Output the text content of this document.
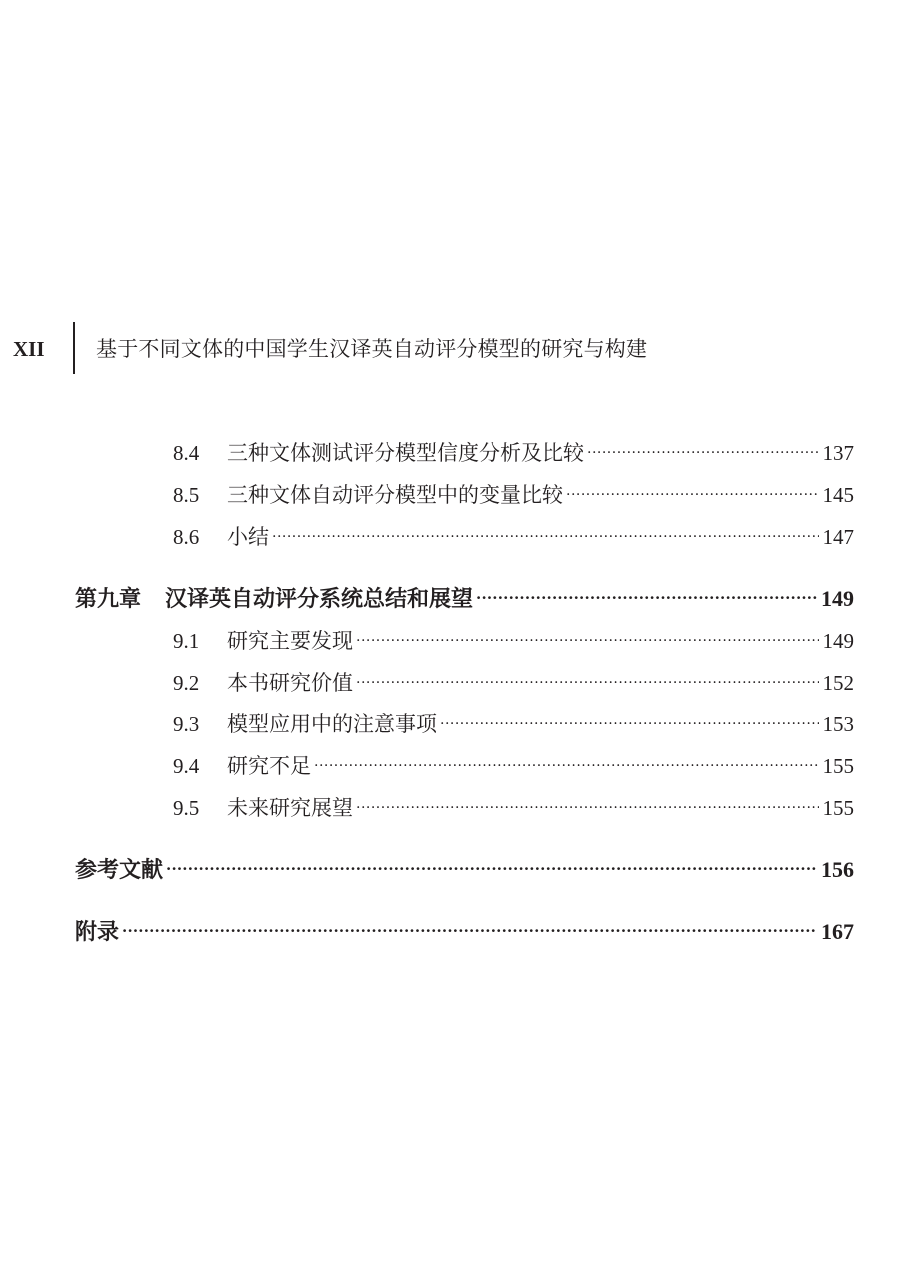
XII 基于不同文体的中国学生汉译英自动评分模型的研究与构建
8.4	三种文体测试评分模型信度分析及比较 .....	137
8.5	三种文体自动评分模型中的变量比较 .....	145
8.6	小结 .....	147
第九章 汉译英自动评分系统总结和展望 .....	149
9.1	研究主要发现 .....	149
9.2	本书研究价值 .....	152
9.3	模型应用中的注意事项 .....	153
9.4	研究不足 .....	155
9.5	未来研究展望 .....	155
参考文献 .....	156
附录 .....	167
